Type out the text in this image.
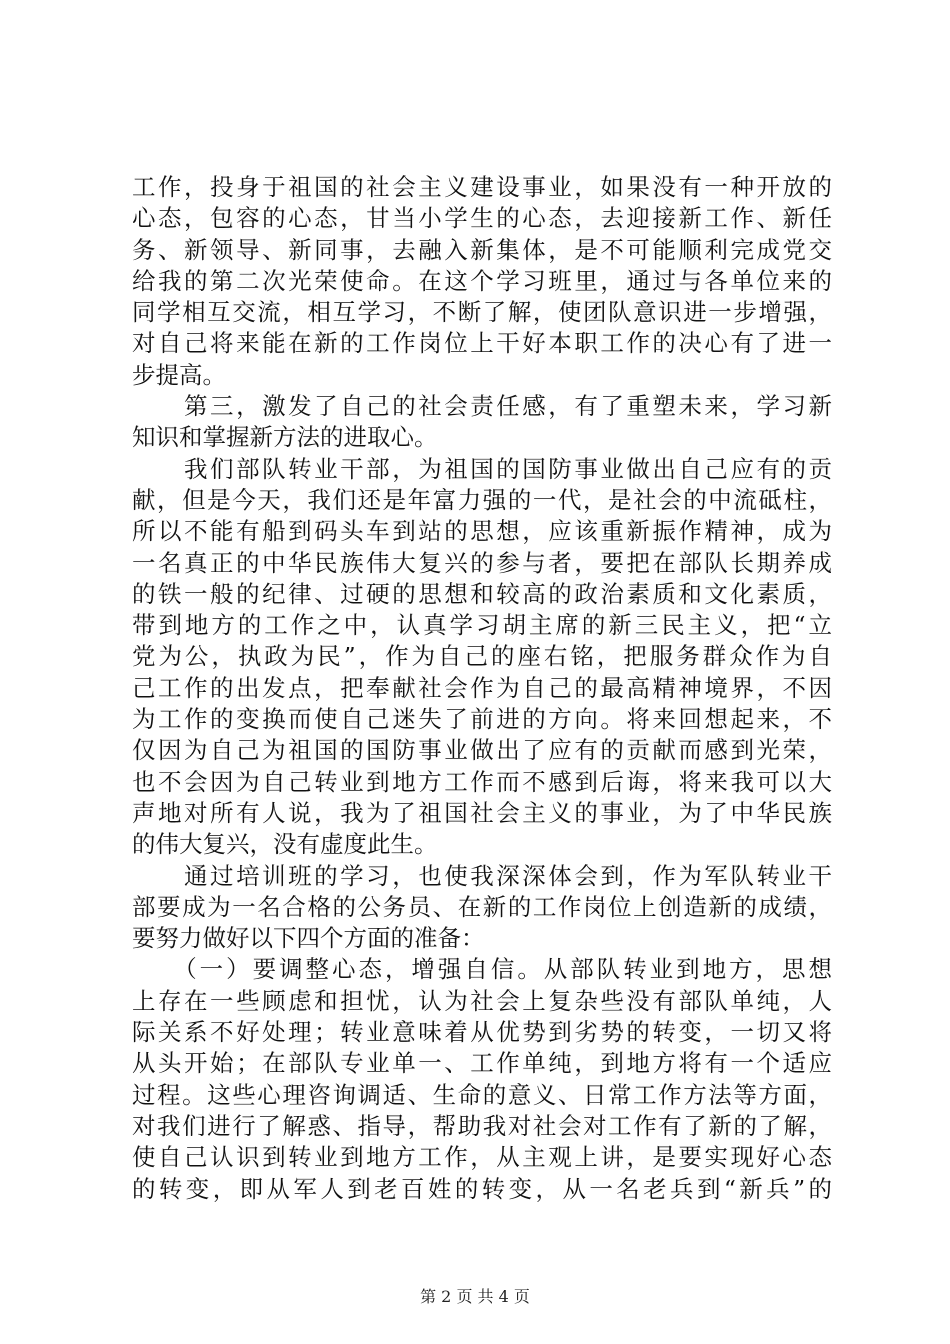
工作，投身于祖国的社会主义建设事业，如果没有一种开放的
心态，包容的心态，甘当小学生的心态，去迎接新工作、新任
务、新领导、新同事，去融入新集体，是不可能顺利完成党交
给我的第二次光荣使命。在这个学习班里，通过与各单位来的
同学相互交流，相互学习，不断了解，使团队意识进一步增强，
对自己将来能在新的工作岗位上干好本职工作的决心有了进一
步提高。
　　第三，激发了自己的社会责任感，有了重塑未来，学习新
知识和掌握新方法的进取心。
　　我们部队转业干部，为祖国的国防事业做出自己应有的贡
献，但是今天，我们还是年富力强的一代，是社会的中流砥柱，
所以不能有船到码头车到站的思想，应该重新振作精神，成为
一名真正的中华民族伟大复兴的参与者，要把在部队长期养成
的铁一般的纪律、过硬的思想和较高的政治素质和文化素质，
带到地方的工作之中，认真学习胡主席的新三民主义，把“立
党为公，执政为民”，作为自己的座右铭，把服务群众作为自
己工作的出发点，把奉献社会作为自己的最高精神境界，不因
为工作的变换而使自己迷失了前进的方向。将来回想起来，不
仅因为自己为祖国的国防事业做出了应有的贡献而感到光荣，
也不会因为自己转业到地方工作而不感到后诲，将来我可以大
声地对所有人说，我为了祖国社会主义的事业，为了中华民族
的伟大复兴，没有虚度此生。
　　通过培训班的学习，也使我深深体会到，作为军队转业干
部要成为一名合格的公务员、在新的工作岗位上创造新的成绩，
要努力做好以下四个方面的准备：
　　（一）要调整心态，增强自信。从部队转业到地方，思想
上存在一些顾虑和担忧，认为社会上复杂些没有部队单纯，人
际关系不好处理；转业意味着从优势到劣势的转变，一切又将
从头开始；在部队专业单一、工作单纯，到地方将有一个适应
过程。这些心理咨询调适、生命的意义、日常工作方法等方面，
对我们进行了解惑、指导，帮助我对社会对工作有了新的了解，
使自己认识到转业到地方工作，从主观上讲，是要实现好心态
的转变，即从军人到老百姓的转变，从一名老兵到“新兵”的
第 2 页 共 4 页
